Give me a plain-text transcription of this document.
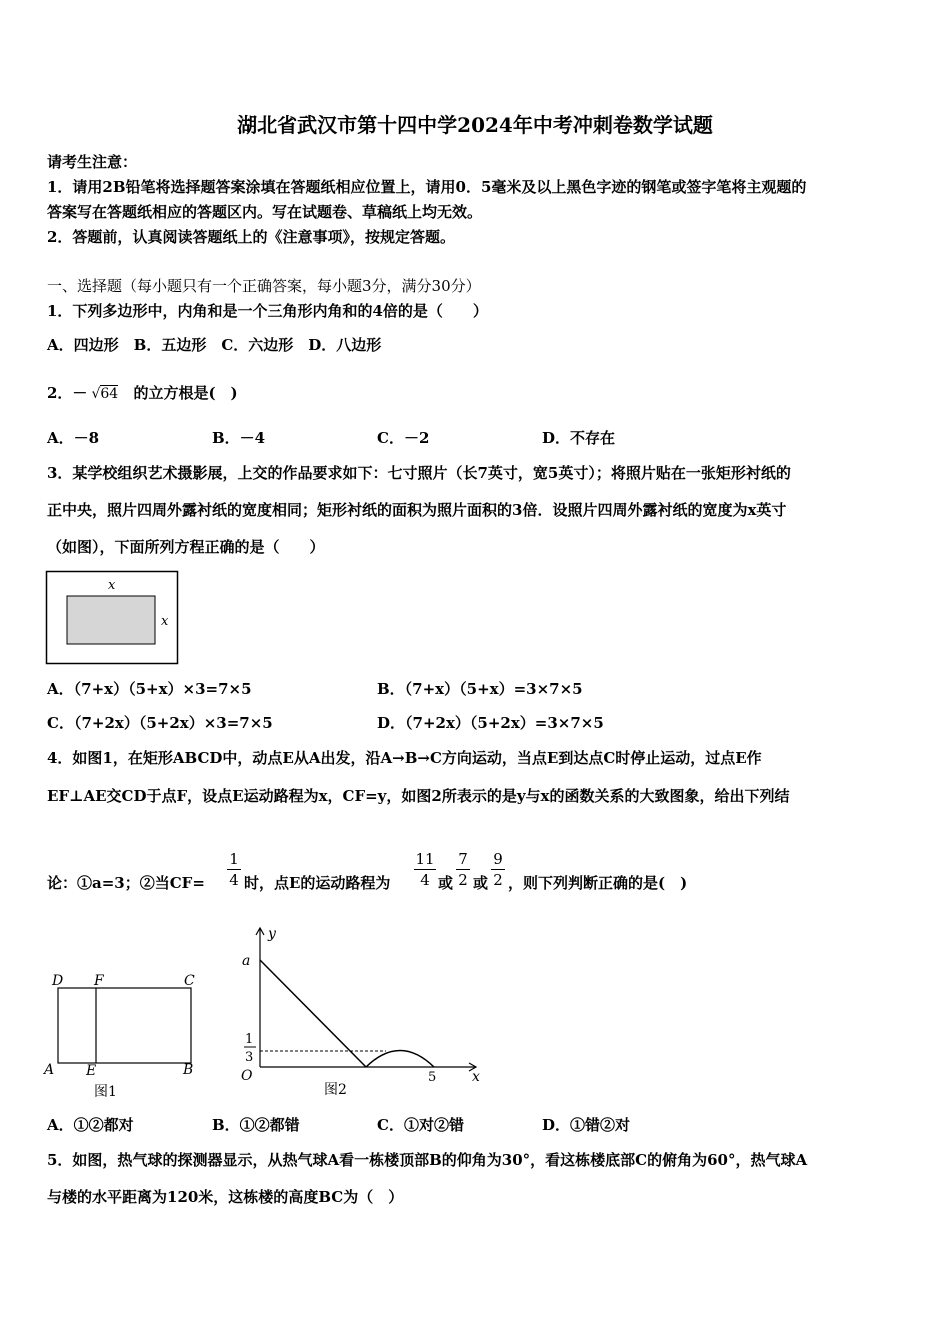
湖北省武汉市第十四中学2024年中考冲刺卷数学试题
请考生注意：
1．请用2B铅笔将选择题答案涂填在答题纸相应位置上，请用0．5毫米及以上黑色字迹的钢笔或签字笔将主观题的
答案写在答题纸相应的答题区内。写在试题卷、草稿纸上均无效。
2．答题前，认真阅读答题纸上的《注意事项》，按规定答题。
一、选择题（每小题只有一个正确答案，每小题3分，满分30分）
1．下列多边形中，内角和是一个三角形内角和的4倍的是（　　）
A．四边形　B．五边形　C．六边形　D．八边形
2．－ √64 的立方根是(　)
A．－8	B．－4	C．－2	D．不存在
3．某学校组织艺术摄影展，上交的作品要求如下：七寸照片（长7英寸，宽5英寸）；将照片贴在一张矩形衬纸的
正中央，照片四周外露衬纸的宽度相同；矩形衬纸的面积为照片面积的3倍．设照片四周外露衬纸的宽度为x英寸
（如图），下面所列方程正确的是（　　）
x
x
A．（7+x）（5+x）×3=7×5	B．（7+x）（5+x）=3×7×5
C．（7+2x）（5+2x）×3=7×5	D．（7+2x）（5+2x）=3×7×5
4．如图1，在矩形ABCD中，动点E从A出发，沿A→B→C方向运动，当点E到达点C时停止运动，过点E作
EF⊥AE交CD于点F，设点E运动路程为x，CF=y，如图2所表示的是y与x的函数关系的大致图象，给出下列结
论：①a=3；②当CF=
1
4 时，点E的运动路程为
11
4 或
7
2 或
9
2 ，则下列判断正确的是(　)
D F	C
A E	B
图1
y
a
1
3
O	5	x
图2
A．①②都对	B．①②都错	C．①对②错	D．①错②对
5．如图，热气球的探测器显示，从热气球A看一栋楼顶部B的仰角为30°，看这栋楼底部C的俯角为60°，热气球A
与楼的水平距离为120米，这栋楼的高度BC为（　）
